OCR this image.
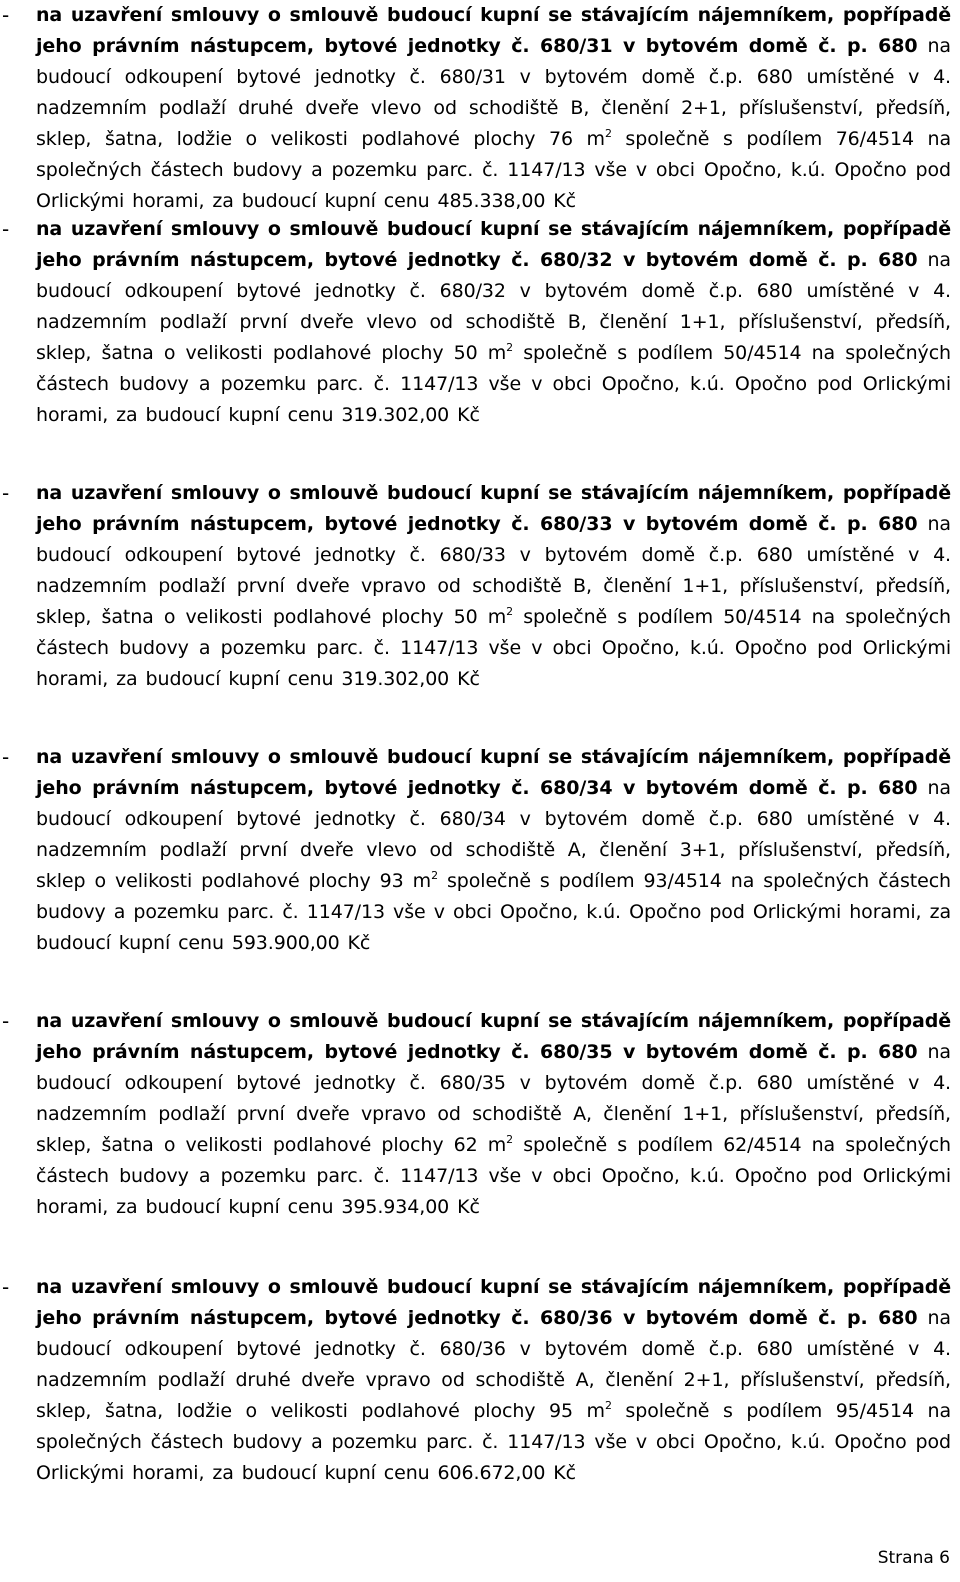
- na uzavření smlouvy o smlouvě budoucí kupní se stávajícím nájemníkem, popřípadě jeho právním nástupcem, bytové jednotky č. 680/31 v bytovém domě č. p. 680 na budoucí odkoupení bytové jednotky č. 680/31 v bytovém domě č.p. 680 umístěné v 4. nadzemním podlaží druhé dveře vlevo od schodiště B, členění 2+1, příslušenství, předsíň, sklep, šatna, lodžie o velikosti podlahové plochy 76 $m^2$ společně s podílem 76/4514 na společných částech budovy a pozemku parc. č. 1147/13 vše v obci Opočno, k.ú. Opočno pod Orlickými horami, za budoucí kupní cenu 485.338,00 Kč

- na uzavření smlouvy o smlouvě budoucí kupní se stávajícím nájemníkem, popřípadě jeho právním nástupcem, bytové jednotky č. 680/32 v bytovém domě č. p. 680 na budoucí odkoupení bytové jednotky č. 680/32 v bytovém domě č.p. 680 umístěné v 4. nadzemním podlaží první dveře vlevo od schodiště B, členění 1+1, příslušenství, předsíň, sklep, šatna o velikosti podlahové plochy 50 $m^2$ společně s podílem 50/4514 na společných částech budovy a pozemku parc. č. 1147/13 vše v obci Opočno, k.ú. Opočno pod Orlickými horami, za budoucí kupní cenu 319.302,00 Kč

- na uzavření smlouvy o smlouvě budoucí kupní se stávajícím nájemníkem, popřípadě jeho právním nástupcem, bytové jednotky č. 680/33 v bytovém domě č. p. 680 na budoucí odkoupení bytové jednotky č. 680/33 v bytovém domě č.p. 680 umístěné v 4. nadzemním podlaží první dveře vpravo od schodiště B, členění 1+1, příslušenství, předsíň, sklep, šatna o velikosti podlahové plochy 50 $m^2$ společně s podílem 50/4514 na společných částech budovy a pozemku parc. č. 1147/13 vše v obci Opočno, k.ú. Opočno pod Orlickými horami, za budoucí kupní cenu 319.302,00 Kč

- na uzavření smlouvy o smlouvě budoucí kupní se stávajícím nájemníkem, popřípadě jeho právním nástupcem, bytové jednotky č. 680/34 v bytovém domě č. p. 680 na budoucí odkoupení bytové jednotky č. 680/34 v bytovém domě č.p. 680 umístěné v 4. nadzemním podlaží první dveře vlevo od schodiště A, členění 3+1, příslušenství, předsíň, sklep o velikosti podlahové plochy 93 $m^2$ společně s podílem 93/4514 na společných částech budovy a pozemku parc. č. 1147/13 vše v obci Opočno, k.ú. Opočno pod Orlickými horami, za budoucí kupní cenu 593.900,00 Kč

- na uzavření smlouvy o smlouvě budoucí kupní se stávajícím nájemníkem, popřípadě jeho právním nástupcem, bytové jednotky č. 680/35 v bytovém domě č. p. 680 na budoucí odkoupení bytové jednotky č. 680/35 v bytovém domě č.p. 680 umístěné v 4. nadzemním podlaží první dveře vpravo od schodiště A, členění 1+1, příslušenství, předsíň, sklep, šatna o velikosti podlahové plochy 62 $m^2$ společně s podílem 62/4514 na společných částech budovy a pozemku parc. č. 1147/13 vše v obci Opočno, k.ú. Opočno pod Orlickými horami, za budoucí kupní cenu 395.934,00 Kč

- na uzavření smlouvy o smlouvě budoucí kupní se stávajícím nájemníkem, popřípadě jeho právním nástupcem, bytové jednotky č. 680/36 v bytovém domě č. p. 680 na budoucí odkoupení bytové jednotky č. 680/36 v bytovém domě č.p. 680 umístěné v 4. nadzemním podlaží druhé dveře vpravo od schodiště A, členění 2+1, příslušenství, předsíň, sklep, šatna, lodžie o velikosti podlahové plochy 95 $m^2$ společně s podílem 95/4514 na společných částech budovy a pozemku parc. č. 1147/13 vše v obci Opočno, k.ú. Opočno pod Orlickými horami, za budoucí kupní cenu 606.672,00 Kč

Strana 6
